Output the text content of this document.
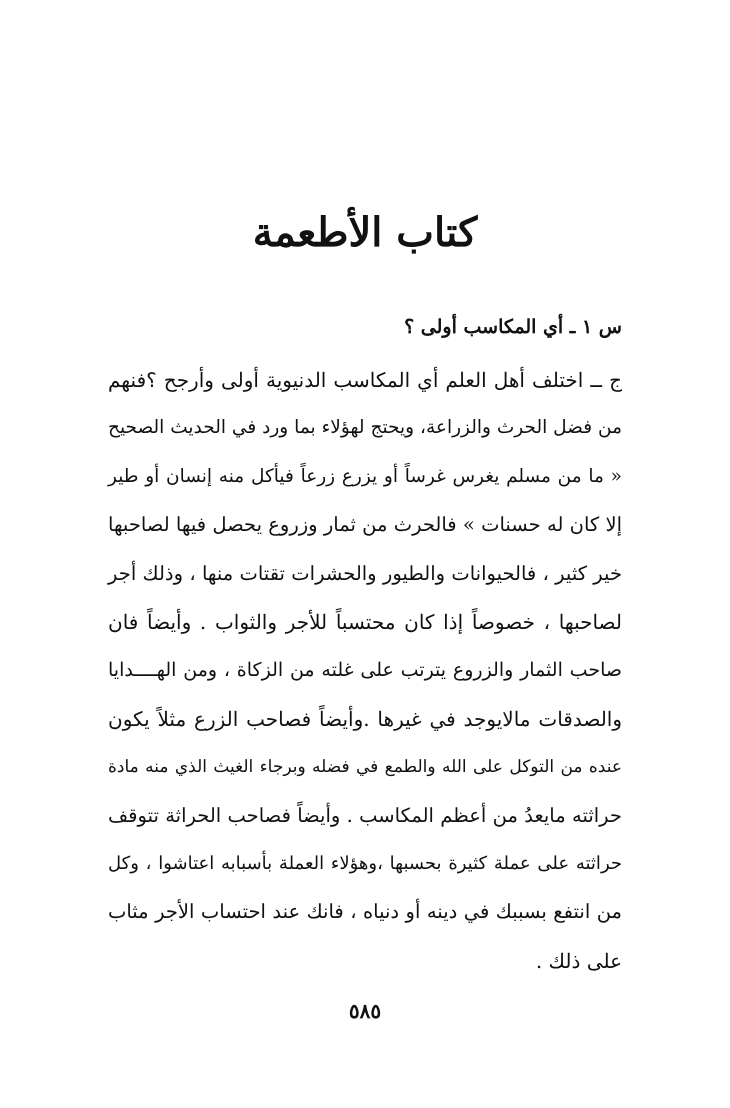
كتاب الأطعمة

س ١ ـ أي المكاسب أولى ؟

ج ــ اختلف أهل العلم أي المكاسب الدنيوية أولى وأرجح ؟فنهم
من فضل الحرث والزراعة، ويحتج لهؤلاء بما ورد في الحديث الصحيح
« ما من مسلم يغرس غرساً أو يزرع زرعاً فيأكل منه إنسان أو طير
إلا كان له حسنات » فالحرث من ثمار وزروع يحصل فيها لصاحبها
خير كثير ، فالحيوانات والطيور والحشرات تقتات منها ، وذلك أجر
لصاحبها ، خصوصاً إذا كان محتسباً للأجر والثواب . وأيضاً فان
صاحب الثمار والزروع يترتب على غلته من الزكاة ، ومن الهــــدايا
والصدقات مالايوجد في غيرها .وأيضاً فصاحب الزرع مثلاً يكون
عنده من التوكل على الله والطمع في فضله وبرجاء الغيث الذي منه مادة
حراثته مايعدُ من أعظم المكاسب . وأيضاً فصاحب الحراثة تتوقف
حراثته على عملة كثيرة بحسبها ،وهؤلاء العملة بأسبابه اعتاشوا ، وكل
من انتفع بسببك في دينه أو دنياه ، فانك عند احتساب الأجر مثاب
على ذلك .

٥٨٥
